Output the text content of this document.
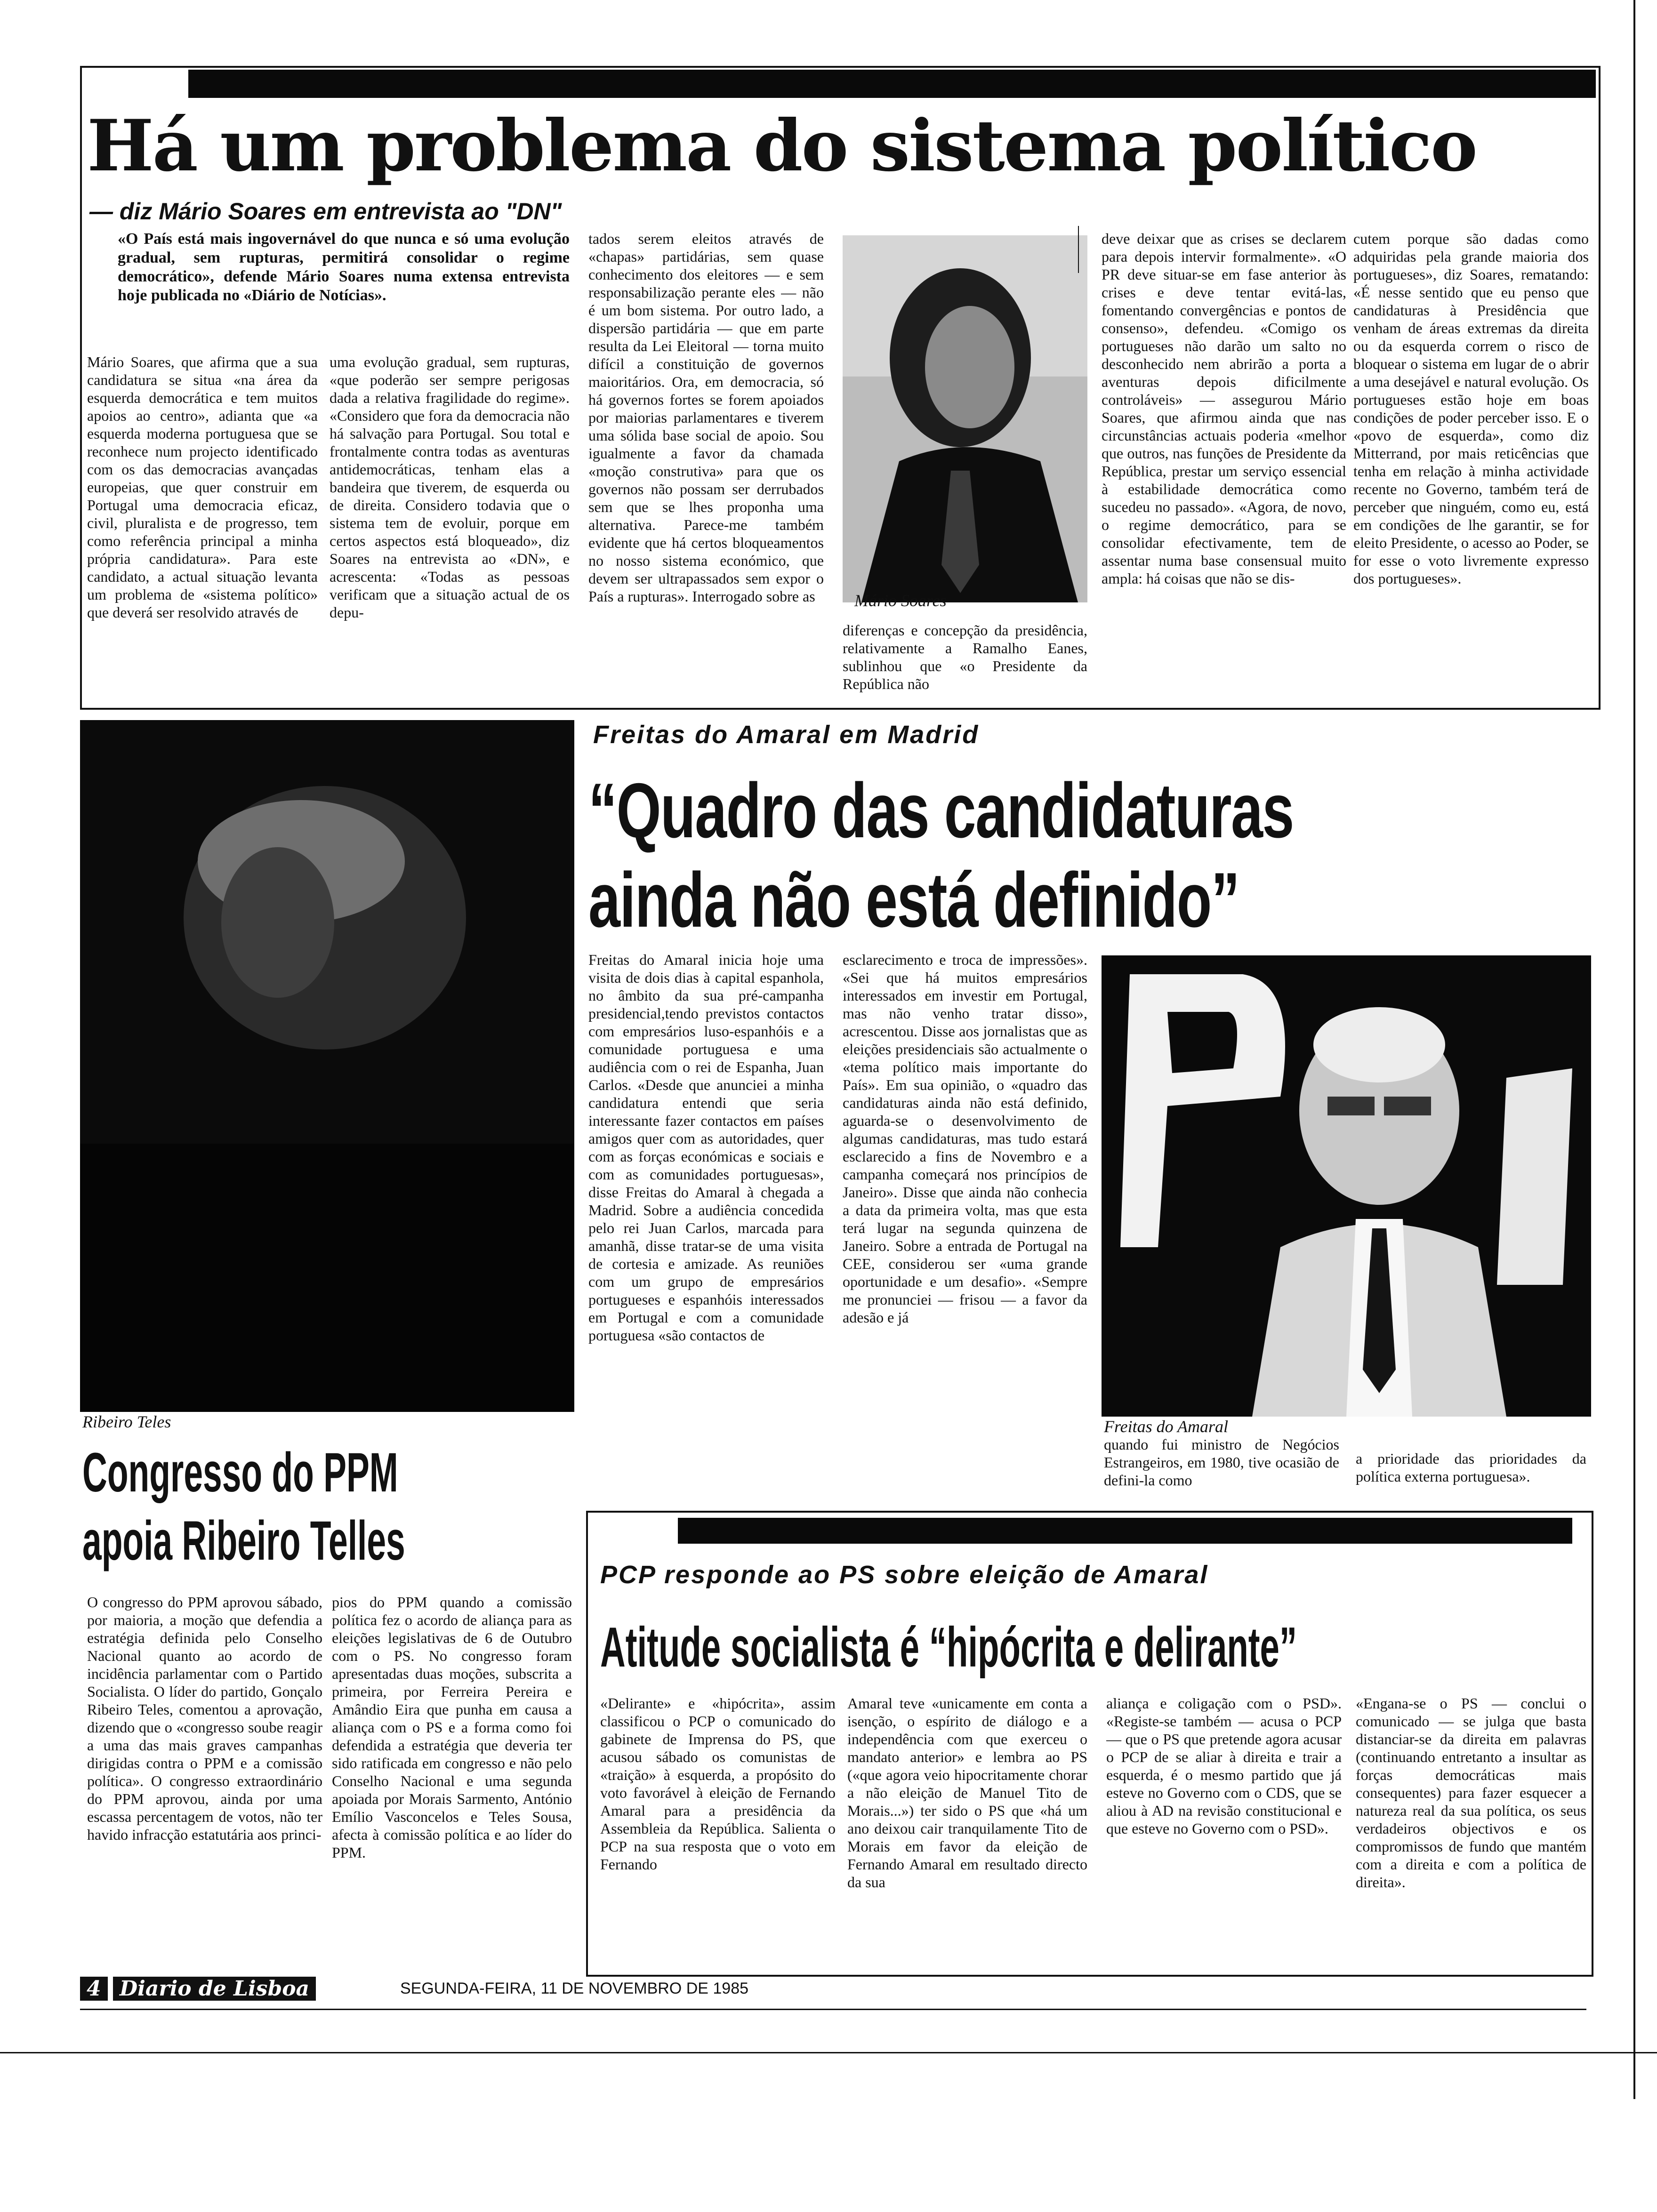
Há um problema do sistema político
— diz Mário Soares em entrevista ao "DN"
«O País está mais ingovernável do que nunca e só uma evolução gradual, sem rupturas, permitirá consolidar o regime democrático», defende Mário Soares numa extensa entrevista hoje publicada no «Diário de Notícias».
Mário Soares, que afirma que a sua candidatura se situa «na área da esquerda democrática e tem muitos apoios ao centro», adianta que «a esquerda moderna portuguesa que se reconhece num projecto identificado com os das democracias avançadas europeias, que quer construir em Portugal uma democracia eficaz, civil, pluralista e de progresso, tem como referência principal a minha própria candidatura». Para este candidato, a actual situação levanta um problema de «sistema político» que deverá ser resolvido através de
uma evolução gradual, sem rupturas, «que poderão ser sempre perigosas dada a relativa fragilidade do regime». «Considero que fora da democracia não há salvação para Portugal. Sou total e frontalmente contra todas as aventuras antidemocráticas, tenham elas a bandeira que tiverem, de esquerda ou de direita. Considero todavia que o sistema tem de evoluir, porque em certos aspectos está bloqueado», diz Soares na entrevista ao «DN», e acrescenta: «Todas as pessoas verificam que a situação actual de os depu-
tados serem eleitos através de «chapas» partidárias, sem quase conhecimento dos eleitores — e sem responsabilização perante eles — não é um bom sistema. Por outro lado, a dispersão partidária — que em parte resulta da Lei Eleitoral — torna muito difícil a constituição de governos maioritários. Ora, em democracia, só há governos fortes se forem apoiados por maiorias parlamentares e tiverem uma sólida base social de apoio. Sou igualmente a favor da chamada «moção construtiva» para que os governos não possam ser derrubados sem que se lhes proponha uma alternativa. Parece-me também evidente que há certos bloqueamentos no nosso sistema económico, que devem ser ultrapassados sem expor o País a rupturas». Interrogado sobre as	Mário Soares
diferenças e concepção da presidência, relativamente a Ramalho Eanes, sublinhou que «o Presidente da República não
deve deixar que as crises se declarem para depois intervir formalmente». «O PR deve situar-se em fase anterior às crises e deve tentar evitá-las, fomentando convergências e pontos de consenso», defendeu. «Comigo os portugueses não darão um salto no desconhecido nem abrirão a porta a aventuras depois dificilmente controláveis» — assegurou Mário Soares, que afirmou ainda que nas circunstâncias actuais poderia «melhor que outros, nas funções de Presidente da República, prestar um serviço essencial à estabilidade democrática como sucedeu no passado». «Agora, de novo, o regime democrático, para se consolidar efectivamente, tem de assentar numa base consensual muito ampla: há coisas que não se dis-
cutem porque são dadas como adquiridas pela grande maioria dos portugueses», diz Soares, rematando: «É nesse sentido que eu penso que candidaturas à Presidência que venham de áreas extremas da direita ou da esquerda correm o risco de bloquear o sistema em lugar de o abrir a uma desejável e natural evolução. Os portugueses estão hoje em boas condições de poder perceber isso. E o «povo de esquerda», como diz Mitterrand, por mais reticências que tenha em relação à minha actividade recente no Governo, também terá de perceber que ninguém, como eu, está em condições de lhe garantir, se for eleito Presidente, o acesso ao Poder, se for esse o voto livremente expresso dos portugueses».
Ribeiro Teles
Congresso do PPM
apoia Ribeiro Telles
O congresso do PPM aprovou sábado, por maioria, a moção que defendia a estratégia definida pelo Conselho Nacional quanto ao acordo de incidência parlamentar com o Partido Socialista. O líder do partido, Gonçalo Ribeiro Teles, comentou a aprovação, dizendo que o «congresso soube reagir a uma das mais graves campanhas dirigidas contra o PPM e a comissão política». O congresso extraordinário do PPM aprovou, ainda por uma escassa percentagem de votos, não ter havido infracção estatutária aos princi-
pios do PPM quando a comissão política fez o acordo de aliança para as eleições legislativas de 6 de Outubro com o PS. No congresso foram apresentadas duas moções, subscrita a primeira, por Ferreira Pereira e Amândio Eira que punha em causa a aliança com o PS e a forma como foi defendida a estratégia que deveria ter sido ratificada em congresso e não pelo Conselho Nacional e uma segunda apoiada por Morais Sarmento, António Emílio Vasconcelos e Teles Sousa, afecta à comissão política e ao líder do PPM.
Freitas do Amaral em Madrid
“Quadro das candidaturas
ainda não está definido”
Freitas do Amaral inicia hoje uma visita de dois dias à capital espanhola, no âmbito da sua pré-campanha presidencial,tendo previstos contactos com empresários luso-espanhóis e a comunidade portuguesa e uma audiência com o rei de Espanha, Juan Carlos. «Desde que anunciei a minha candidatura entendi que seria interessante fazer contactos em países amigos quer com as autoridades, quer com as forças económicas e sociais e com as comunidades portuguesas», disse Freitas do Amaral à chegada a Madrid. Sobre a audiência concedida pelo rei Juan Carlos, marcada para amanhã, disse tratar-se de uma visita de cortesia e amizade. As reuniões com um grupo de empresários portugueses e espanhóis interessados em Portugal e com a comunidade portuguesa «são contactos de
esclarecimento e troca de impressões». «Sei que há muitos empresários interessados em investir em Portugal, mas não venho tratar disso», acrescentou. Disse aos jornalistas que as eleições presidenciais são actualmente o «tema político mais importante do País». Em sua opinião, o «quadro das candidaturas ainda não está definido, aguarda-se o desenvolvimento de algumas candidaturas, mas tudo estará esclarecido a fins de Novembro e a campanha começará nos princípios de Janeiro». Disse que ainda não conhecia a data da primeira volta, mas que esta terá lugar na segunda quinzena de Janeiro. Sobre a entrada de Portugal na CEE, considerou ser «uma grande oportunidade e um desafio». «Sempre me pronunciei — frisou — a favor da adesão e já
Freitas do Amaral
quando fui ministro de Negócios Estrangeiros, em 1980, tive ocasião de defini-la como
a prioridade das prioridades da política externa portuguesa».
PCP responde ao PS sobre eleição de Amaral
Atitude socialista é “hipócrita e delirante”
«Delirante» e «hipócrita», assim classificou o PCP o comunicado do gabinete de Imprensa do PS, que acusou sábado os comunistas de «traição» à esquerda, a propósito do voto favorável à eleição de Fernando Amaral para a presidência da Assembleia da República. Salienta o PCP na sua resposta que o voto em Fernando
Amaral teve «unicamente em conta a isenção, o espírito de diálogo e a independência com que exerceu o mandato anterior» e lembra ao PS («que agora veio hipocritamente chorar a não eleição de Manuel Tito de Morais...») ter sido o PS que «há um ano deixou cair tranquilamente Tito de Morais em favor da eleição de Fernando Amaral em resultado directo da sua
aliança e coligação com o PSD». «Registe-se também — acusa o PCP — que o PS que pretende agora acusar o PCP de se aliar à direita e trair a esquerda, é o mesmo partido que já esteve no Governo com o CDS, que se aliou à AD na revisão constitucional e que esteve no Governo com o PSD».
«Engana-se o PS — conclui o comunicado — se julga que basta distanciar-se da direita em palavras (continuando entretanto a insultar as forças democráticas mais consequentes) para fazer esquecer a natureza real da sua política, os seus verdadeiros objectivos e os compromissos de fundo que mantém com a direita e com a política de direita».
4 Diario de Lisboa	SEGUNDA-FEIRA, 11 DE NOVEMBRO DE 1985
